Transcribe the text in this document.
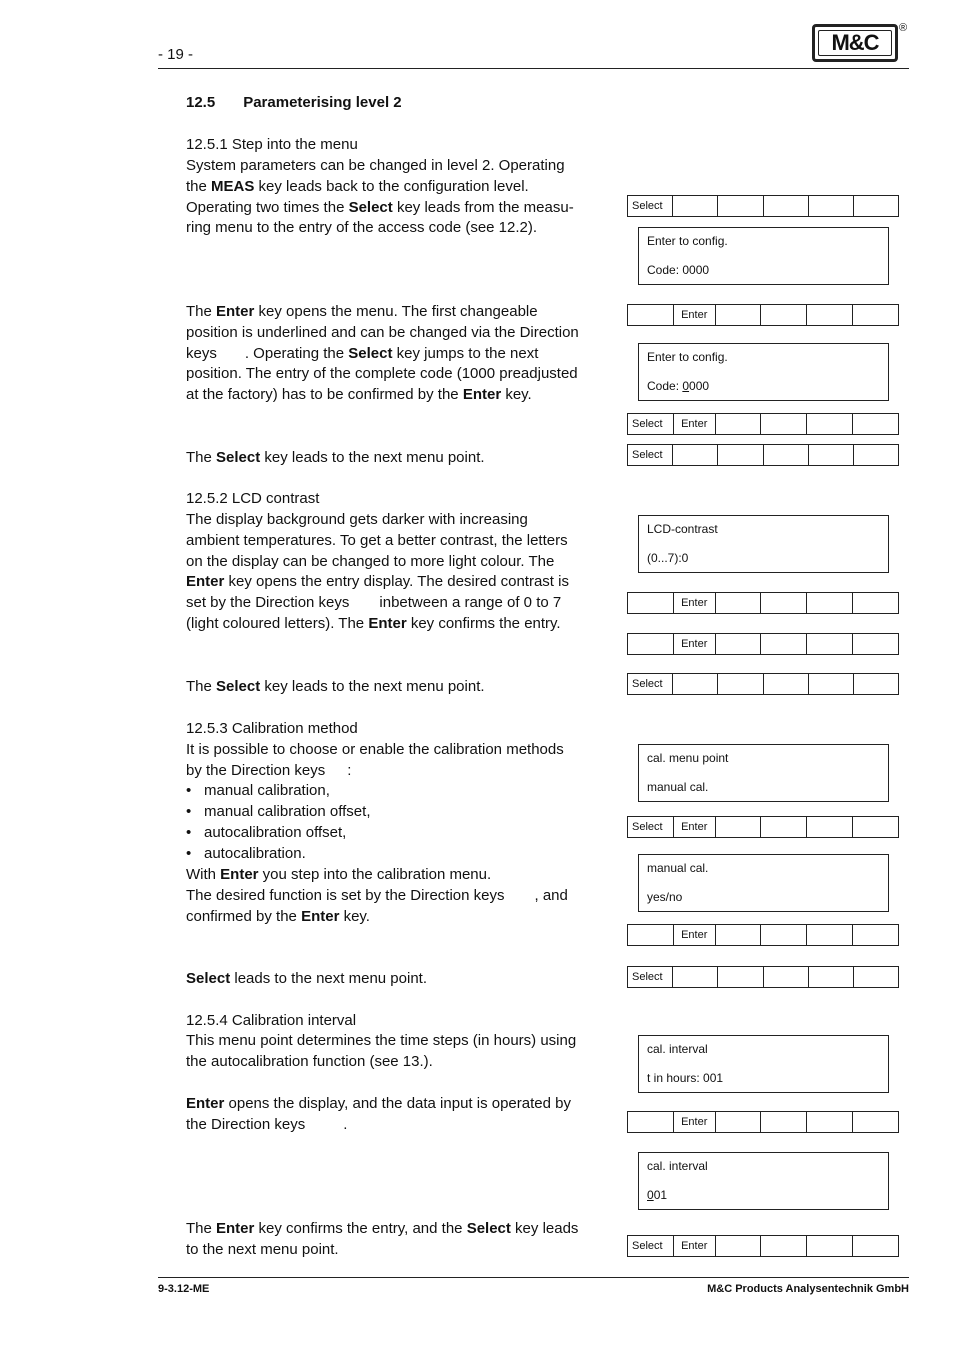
- 19 -	M&C
®
12.5 Parameterising level 2
12.5.1 Step into the menu
System parameters can be changed in level 2. Operating
the MEAS key leads back to the configuration level.
Operating two times the Select key leads from the measu-
ring menu to the entry of the access code (see 12.2).
The Enter key opens the menu. The first changeable
position is underlined and can be changed via the Direction
keys . Operating the Select key jumps to the next
position. The entry of the complete code (1000 preadjusted
at the factory) has to be confirmed by the Enter key.
The Select key leads to the next menu point.
12.5.2 LCD contrast
The display background gets darker with increasing
ambient temperatures. To get a better contrast, the letters
on the display can be changed to more light colour. The
Enter key opens the entry display. The desired contrast is
set by the Direction keys inbetween a range of 0 to 7
(light coloured letters). The Enter key confirms the entry.
The Select key leads to the next menu point.
12.5.3 Calibration method
It is possible to choose or enable the calibration methods
by the Direction keys :
• manual calibration,
• manual calibration offset,
• autocalibration offset,
• autocalibration.
With Enter you step into the calibration menu.
The desired function is set by the Direction keys , and
confirmed by the Enter key.
Select leads to the next menu point.
12.5.4 Calibration interval
This menu point determines the time steps (in hours) using
the autocalibration function (see 13.).
Enter opens the display, and the data input is operated by
the Direction keys	.
The Enter key confirms the entry, and the Select key leads
to the next menu point.
Select
Enter to config.
Code: 0000
Enter
Enter to config.
Code: 0000
Select	Enter
Select
LCD-contrast
(0...7):0
Enter
Enter
Select
cal. menu point
manual cal.
Select	Enter
manual cal.
yes/no
Enter
Select
cal. interval
t in hours: 001
Enter
cal. interval
001
Select	Enter
9-3.12-ME	M&C Products Analysentechnik GmbH
